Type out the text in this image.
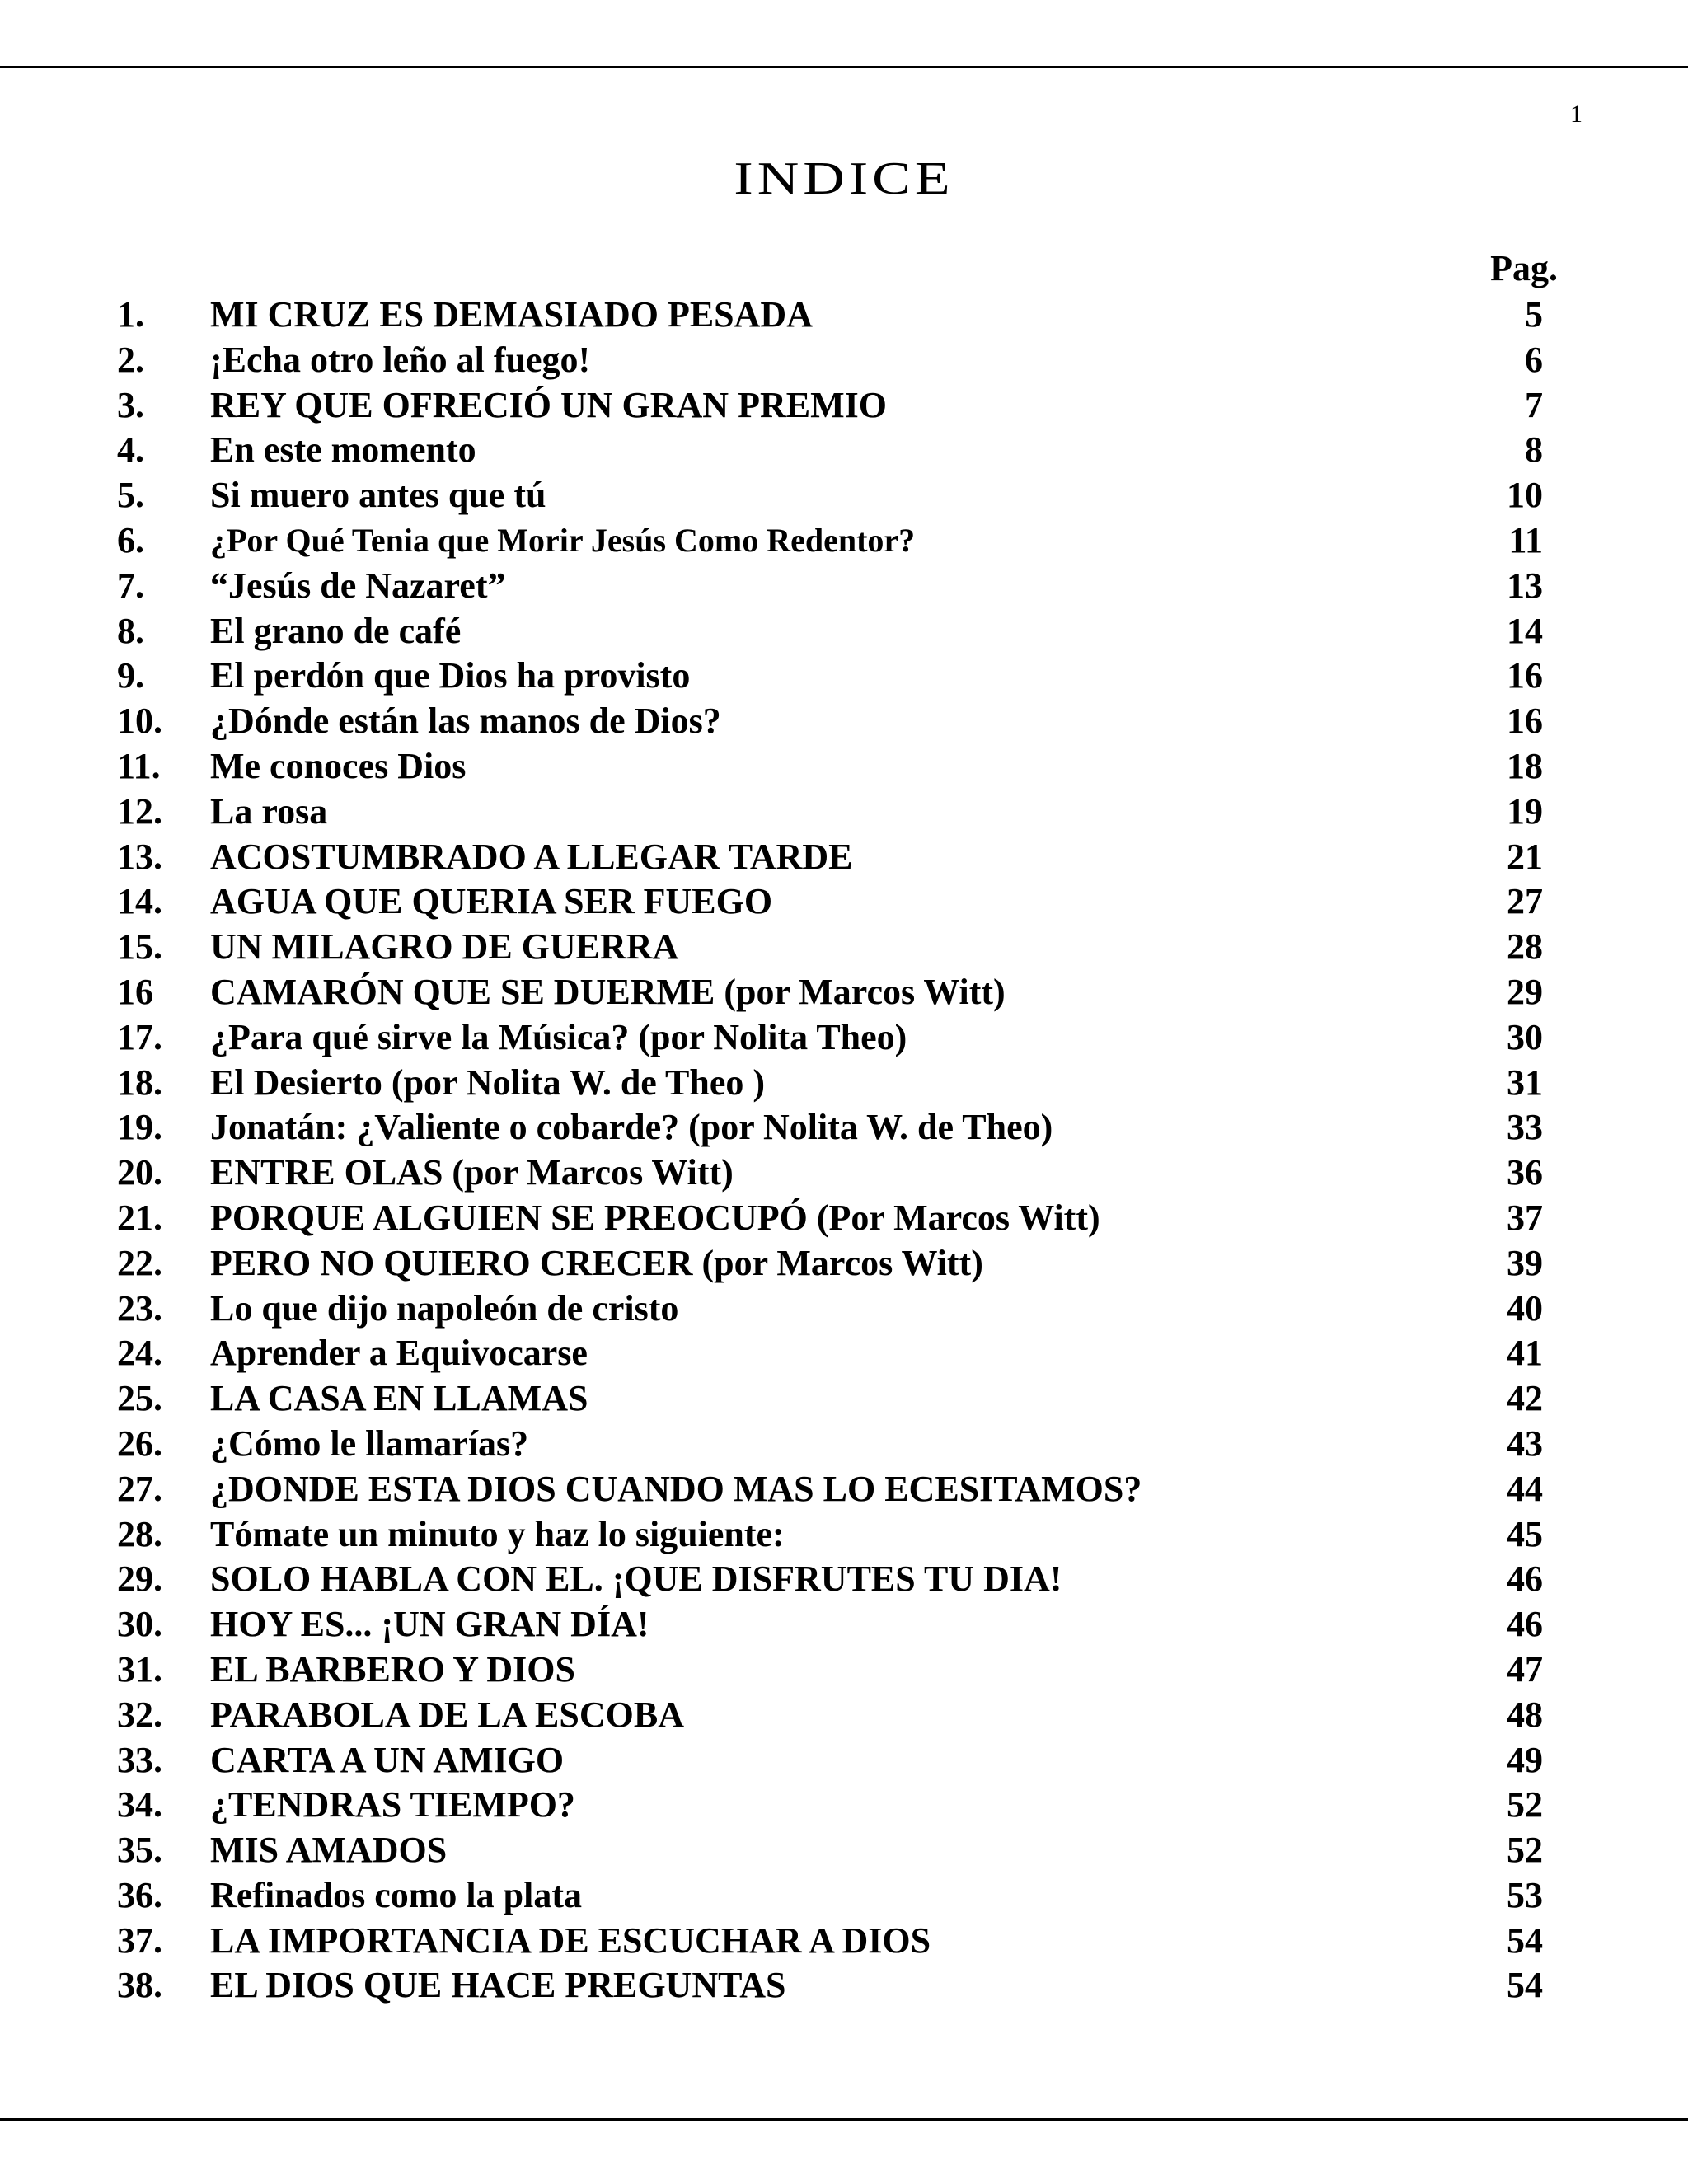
1
INDICE
Pag.
1.	MI CRUZ ES DEMASIADO PESADA	5
2.	¡Echa otro leño al fuego!	6
3.	REY QUE OFRECIÓ UN GRAN PREMIO	7
4.	En este momento	8
5.	Si muero antes que tú	10
6.	¿Por Qué Tenia que Morir Jesús Como Redentor?	11
7.	“Jesús de Nazaret”	13
8.	El grano de café	14
9.	El perdón que Dios ha provisto	16
10.	¿Dónde están las manos de Dios?	16
11.	Me conoces Dios	18
12.	La rosa	19
13.	ACOSTUMBRADO A LLEGAR TARDE	21
14.	AGUA QUE QUERIA SER FUEGO	27
15.	UN MILAGRO DE GUERRA	28
16	CAMARÓN QUE SE DUERME (por Marcos Witt)	29
17.	¿Para qué sirve la Música? (por Nolita Theo)	30
18.	El Desierto (por Nolita W. de Theo )	31
19.	Jonatán: ¿Valiente o cobarde? (por Nolita W. de Theo)	33
20.	ENTRE OLAS (por Marcos Witt)	36
21.	PORQUE ALGUIEN SE PREOCUPÓ (Por Marcos Witt)	37
22.	PERO NO QUIERO CRECER (por Marcos Witt)	39
23.	Lo que dijo napoleón de cristo	40
24.	Aprender a Equivocarse	41
25.	LA CASA EN LLAMAS	42
26.	¿Cómo le llamarías?	43
27.	¿DONDE ESTA DIOS CUANDO MAS LO ECESITAMOS?	44
28.	Tómate un minuto y haz lo siguiente:	45
29.	SOLO HABLA CON EL. ¡QUE DISFRUTES TU DIA!	46
30.	HOY ES... ¡UN GRAN DÍA!	46
31.	EL BARBERO Y DIOS	47
32.	PARABOLA DE LA ESCOBA	48
33.	CARTA A UN AMIGO	49
34.	¿TENDRAS TIEMPO?	52
35.	MIS AMADOS	52
36.	Refinados como la plata	53
37.	LA IMPORTANCIA DE ESCUCHAR A DIOS	54
38.	EL DIOS QUE HACE PREGUNTAS	54
